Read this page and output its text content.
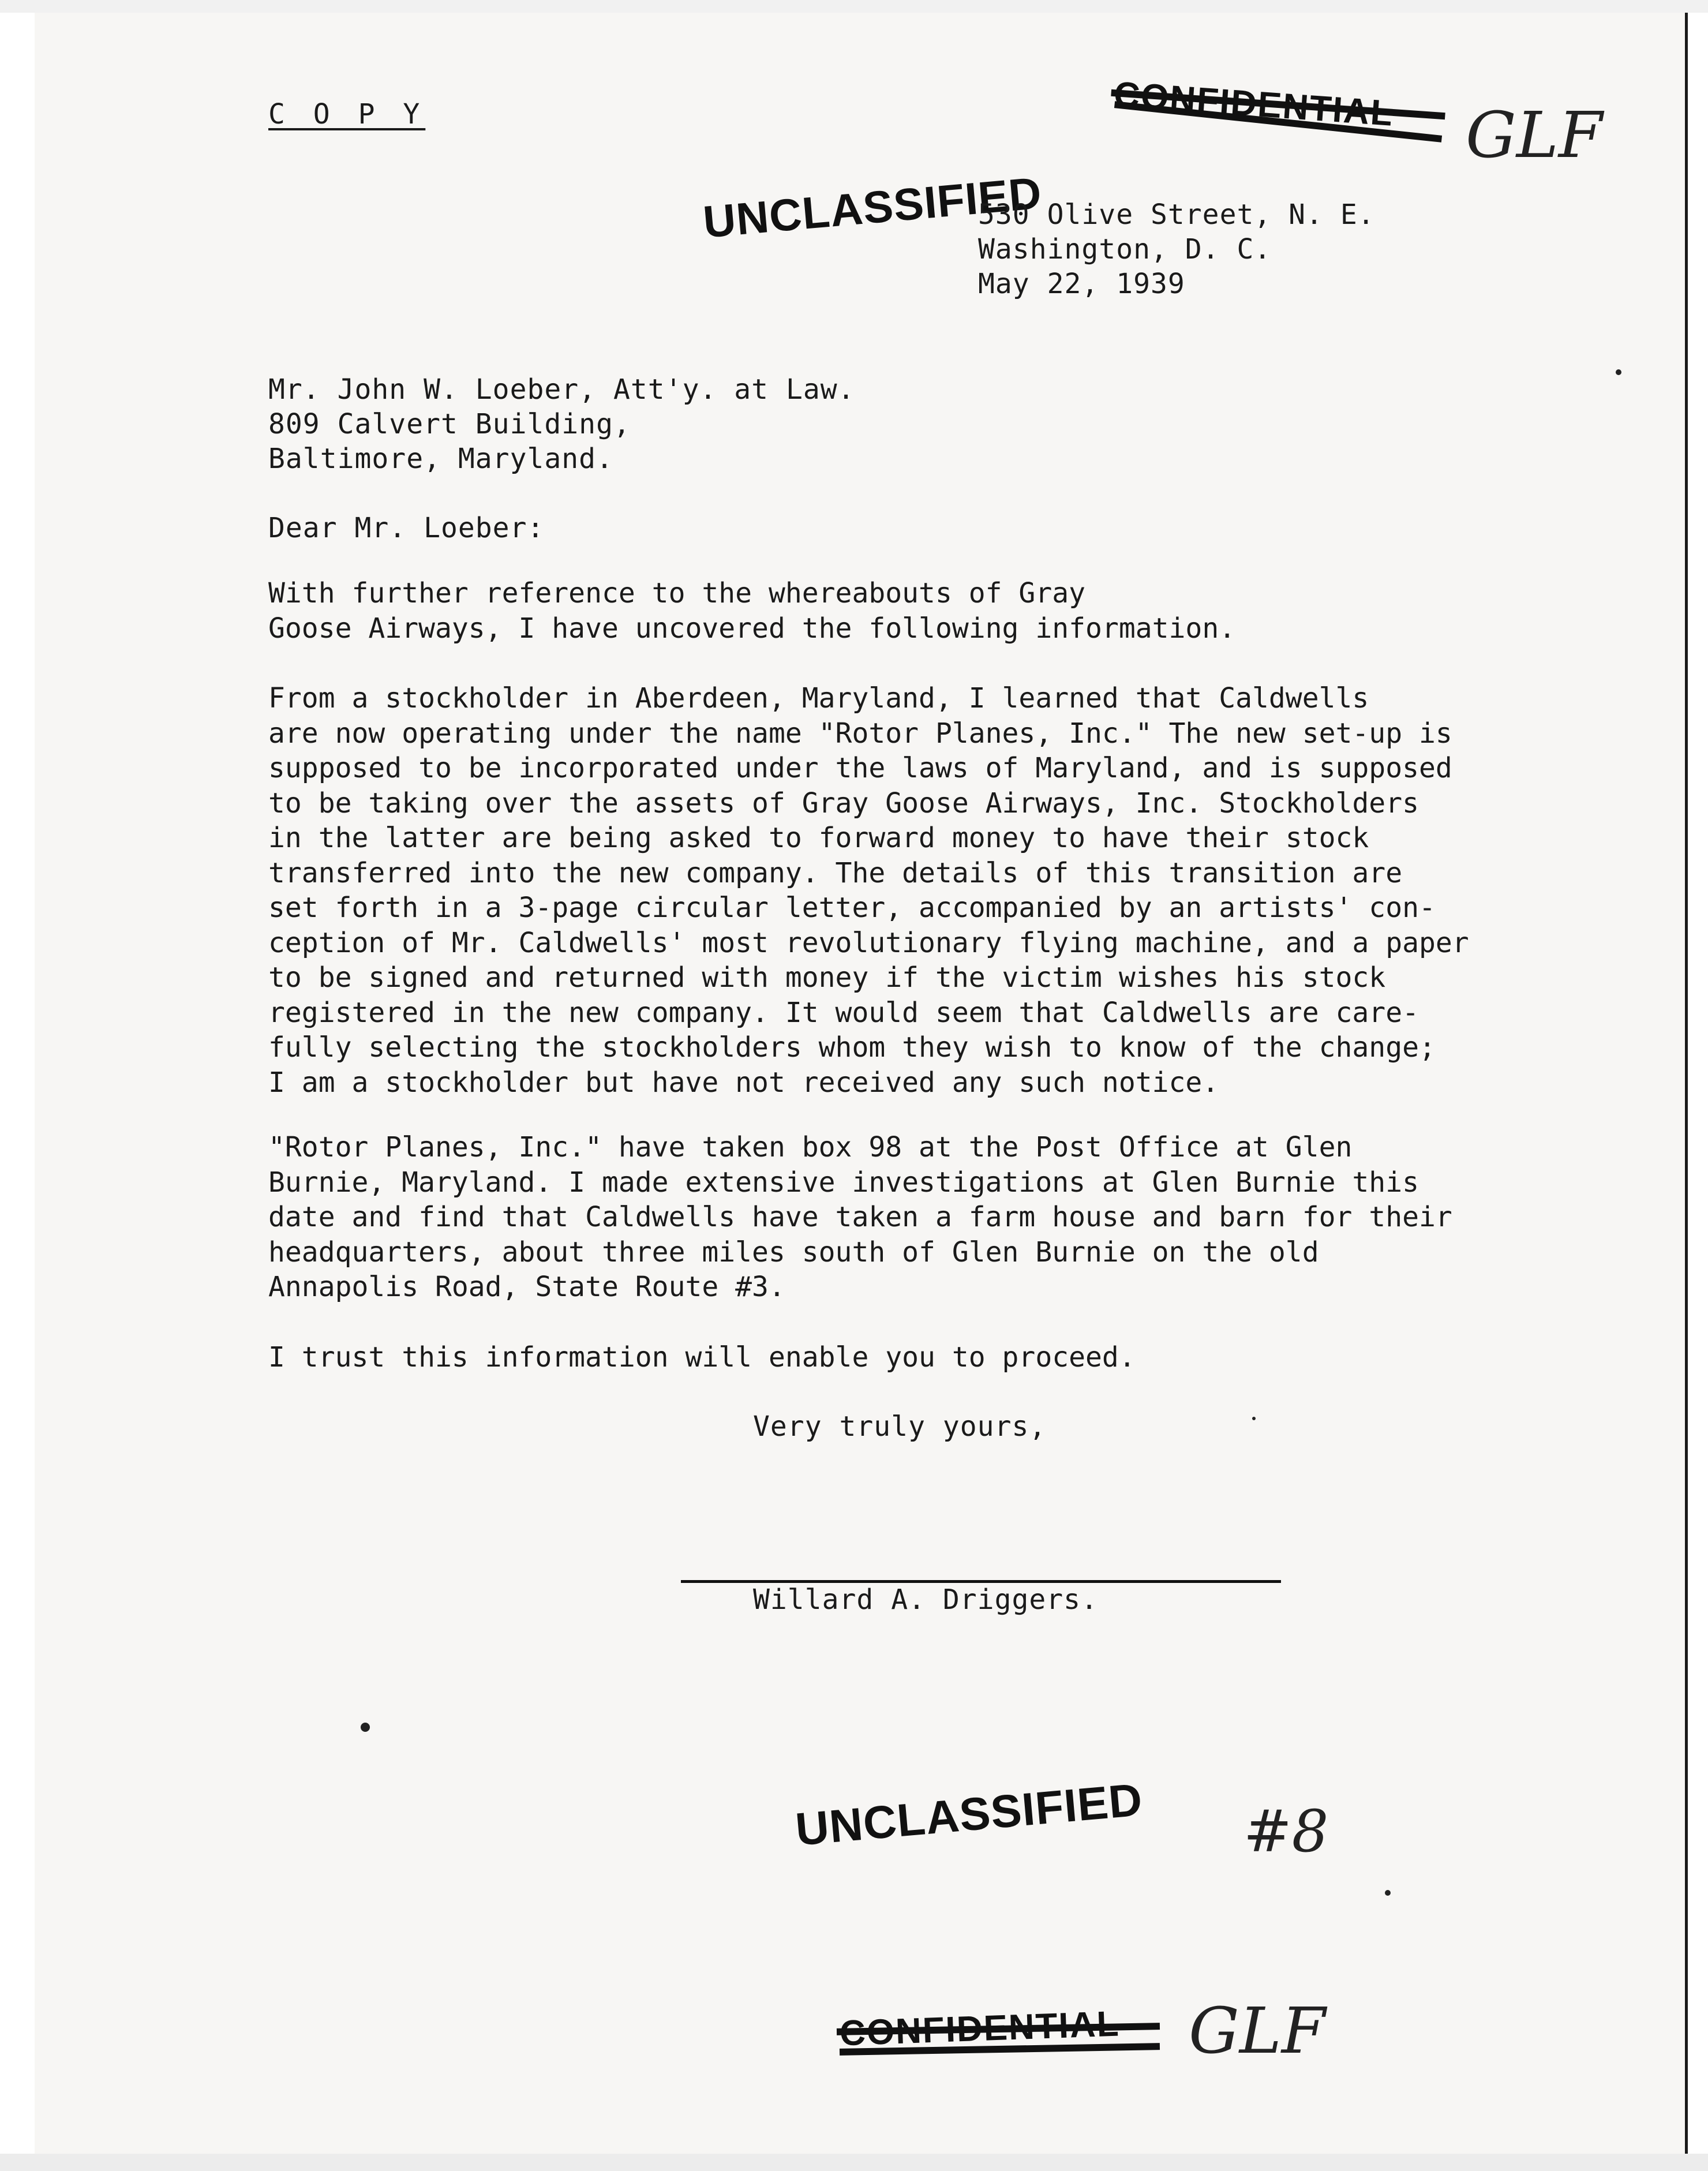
C O P Y	CONFIDENTIAL GLF
UNCLASSIFIED
530 Olive Street, N. E.
Washington, D. C.
May 22, 1939
Mr. John W. Loeber, Att'y. at Law.
809 Calvert Building,
Baltimore, Maryland.
Dear Mr. Loeber:
With further reference to the whereabouts of Gray
Goose Airways, I have uncovered the following information.
From a stockholder in Aberdeen, Maryland, I learned that Caldwells
are now operating under the name "Rotor Planes, Inc." The new set-up is
supposed to be incorporated under the laws of Maryland, and is supposed
to be taking over the assets of Gray Goose Airways, Inc. Stockholders
in the latter are being asked to forward money to have their stock
transferred into the new company. The details of this transition are
set forth in a 3-page circular letter, accompanied by an artists' con-
ception of Mr. Caldwells' most revolutionary flying machine, and a paper
to be signed and returned with money if the victim wishes his stock
registered in the new company. It would seem that Caldwells are care-
fully selecting the stockholders whom they wish to know of the change;
I am a stockholder but have not received any such notice.
"Rotor Planes, Inc." have taken box 98 at the Post Office at Glen
Burnie, Maryland. I made extensive investigations at Glen Burnie this
date and find that Caldwells have taken a farm house and barn for their
headquarters, about three miles south of Glen Burnie on the old
Annapolis Road, State Route #3.
I trust this information will enable you to proceed.
Very truly yours,
Willard A. Driggers.
UNCLASSIFIED #8
CONFIDENTIAL GLF
